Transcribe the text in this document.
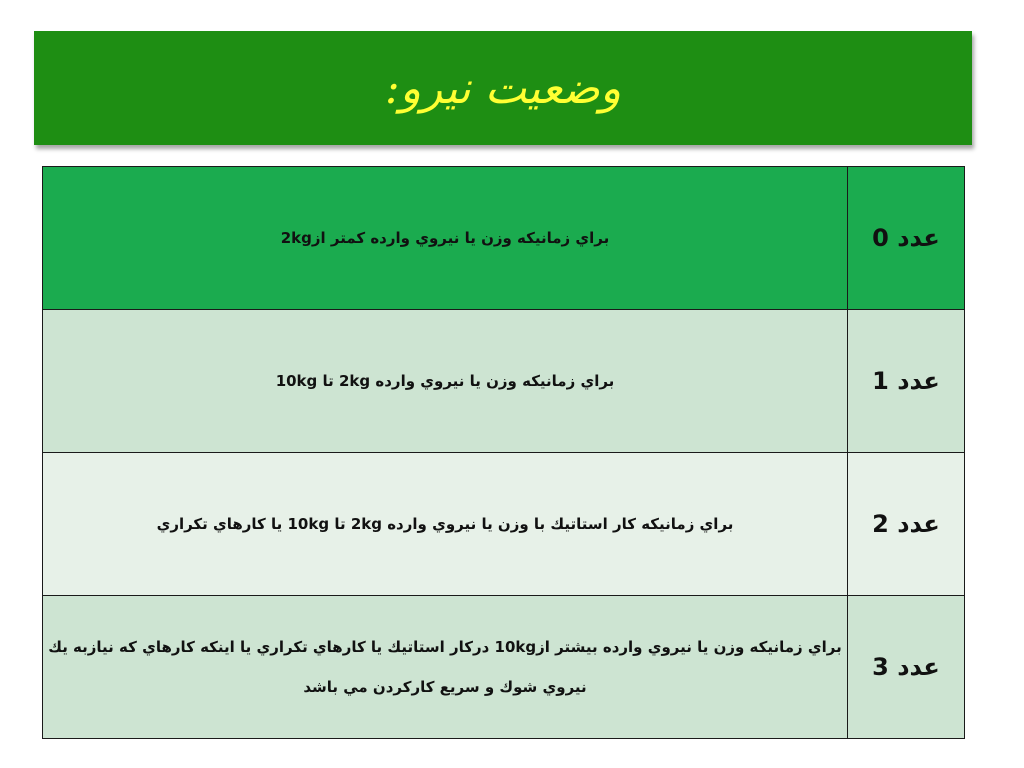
وضعيت نيرو:
عدد 0	براي زمانيكه وزن يا نيروي وارده كمتر از2kg
عدد 1	براي زمانيكه وزن يا نيروي وارده 2kg تا 10kg
عدد 2	براي زمانيكه كار استاتيك با وزن يا نيروي وارده 2kg تا 10kg يا كارهاي تكراري
عدد 3	براي زمانيكه وزن يا نيروي وارده بيشتر از10kg دركار استاتيك يا كارهاي تكراري يا اينكه كارهاي كه نيازبه يك نيروي شوك و سريع كاركردن مي باشد
